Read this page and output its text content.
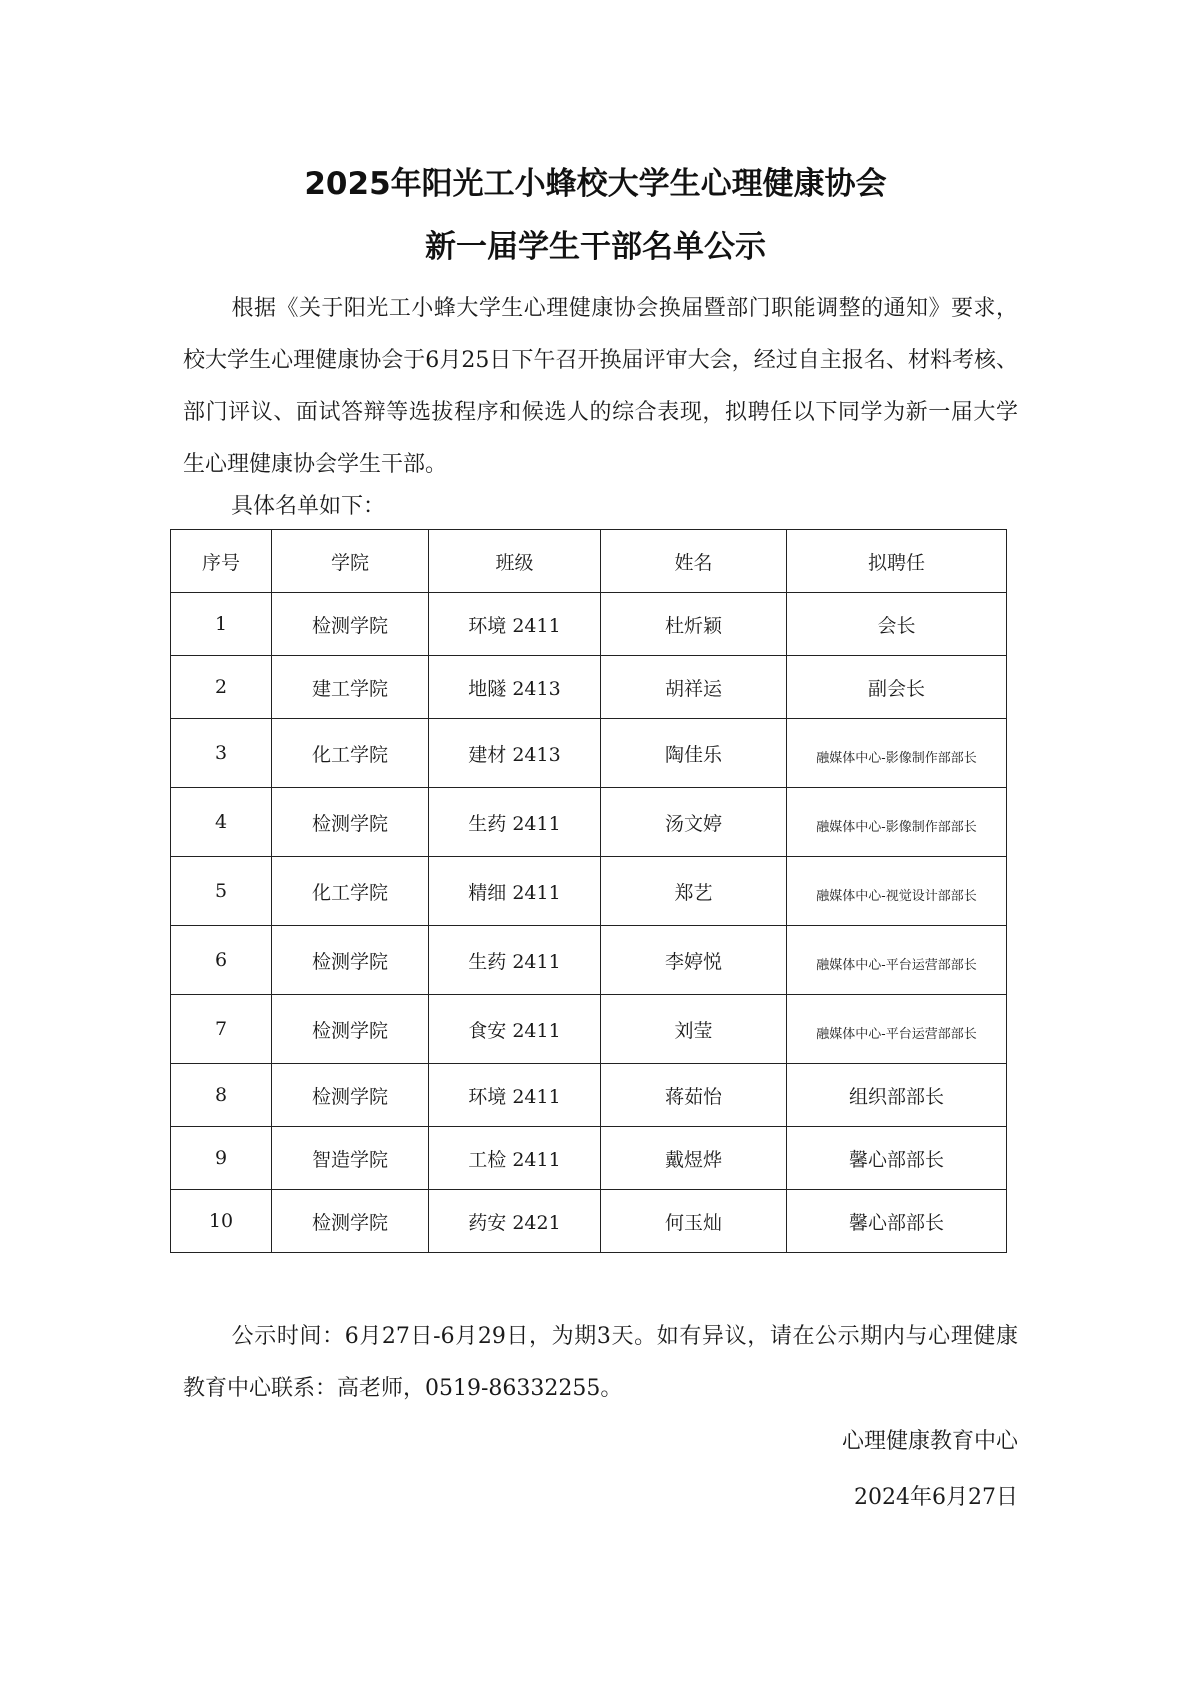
2025年阳光工小蜂校大学生心理健康协会
新一届学生干部名单公示
根据《关于阳光工小蜂大学生心理健康协会换届暨部门职能调整的通知》要求，校大学生心理健康协会于6月25日下午召开换届评审大会，经过自主报名、材料考核、部门评议、面试答辩等选拔程序和候选人的综合表现，拟聘任以下同学为新一届大学生心理健康协会学生干部。
具体名单如下：
序号	学院	班级	姓名	拟聘任
1	检测学院	环境 2411	杜炘颖	会长
2	建工学院	地隧 2413	胡祥运	副会长
3	化工学院	建材 2413	陶佳乐	融媒体中心-影像制作部部长
4	检测学院	生药 2411	汤文婷	融媒体中心-影像制作部部长
5	化工学院	精细 2411	郑艺	融媒体中心-视觉设计部部长
6	检测学院	生药 2411	李婷悦	融媒体中心-平台运营部部长
7	检测学院	食安 2411	刘莹	融媒体中心-平台运营部部长
8	检测学院	环境 2411	蒋茹怡	组织部部长
9	智造学院	工检 2411	戴煜烨	馨心部部长
10	检测学院	药安 2421	何玉灿	馨心部部长
公示时间：6月27日-6月29日，为期3天。如有异议，请在公示期内与心理健康教育中心联系：高老师，0519-86332255。
心理健康教育中心
2024年6月27日
